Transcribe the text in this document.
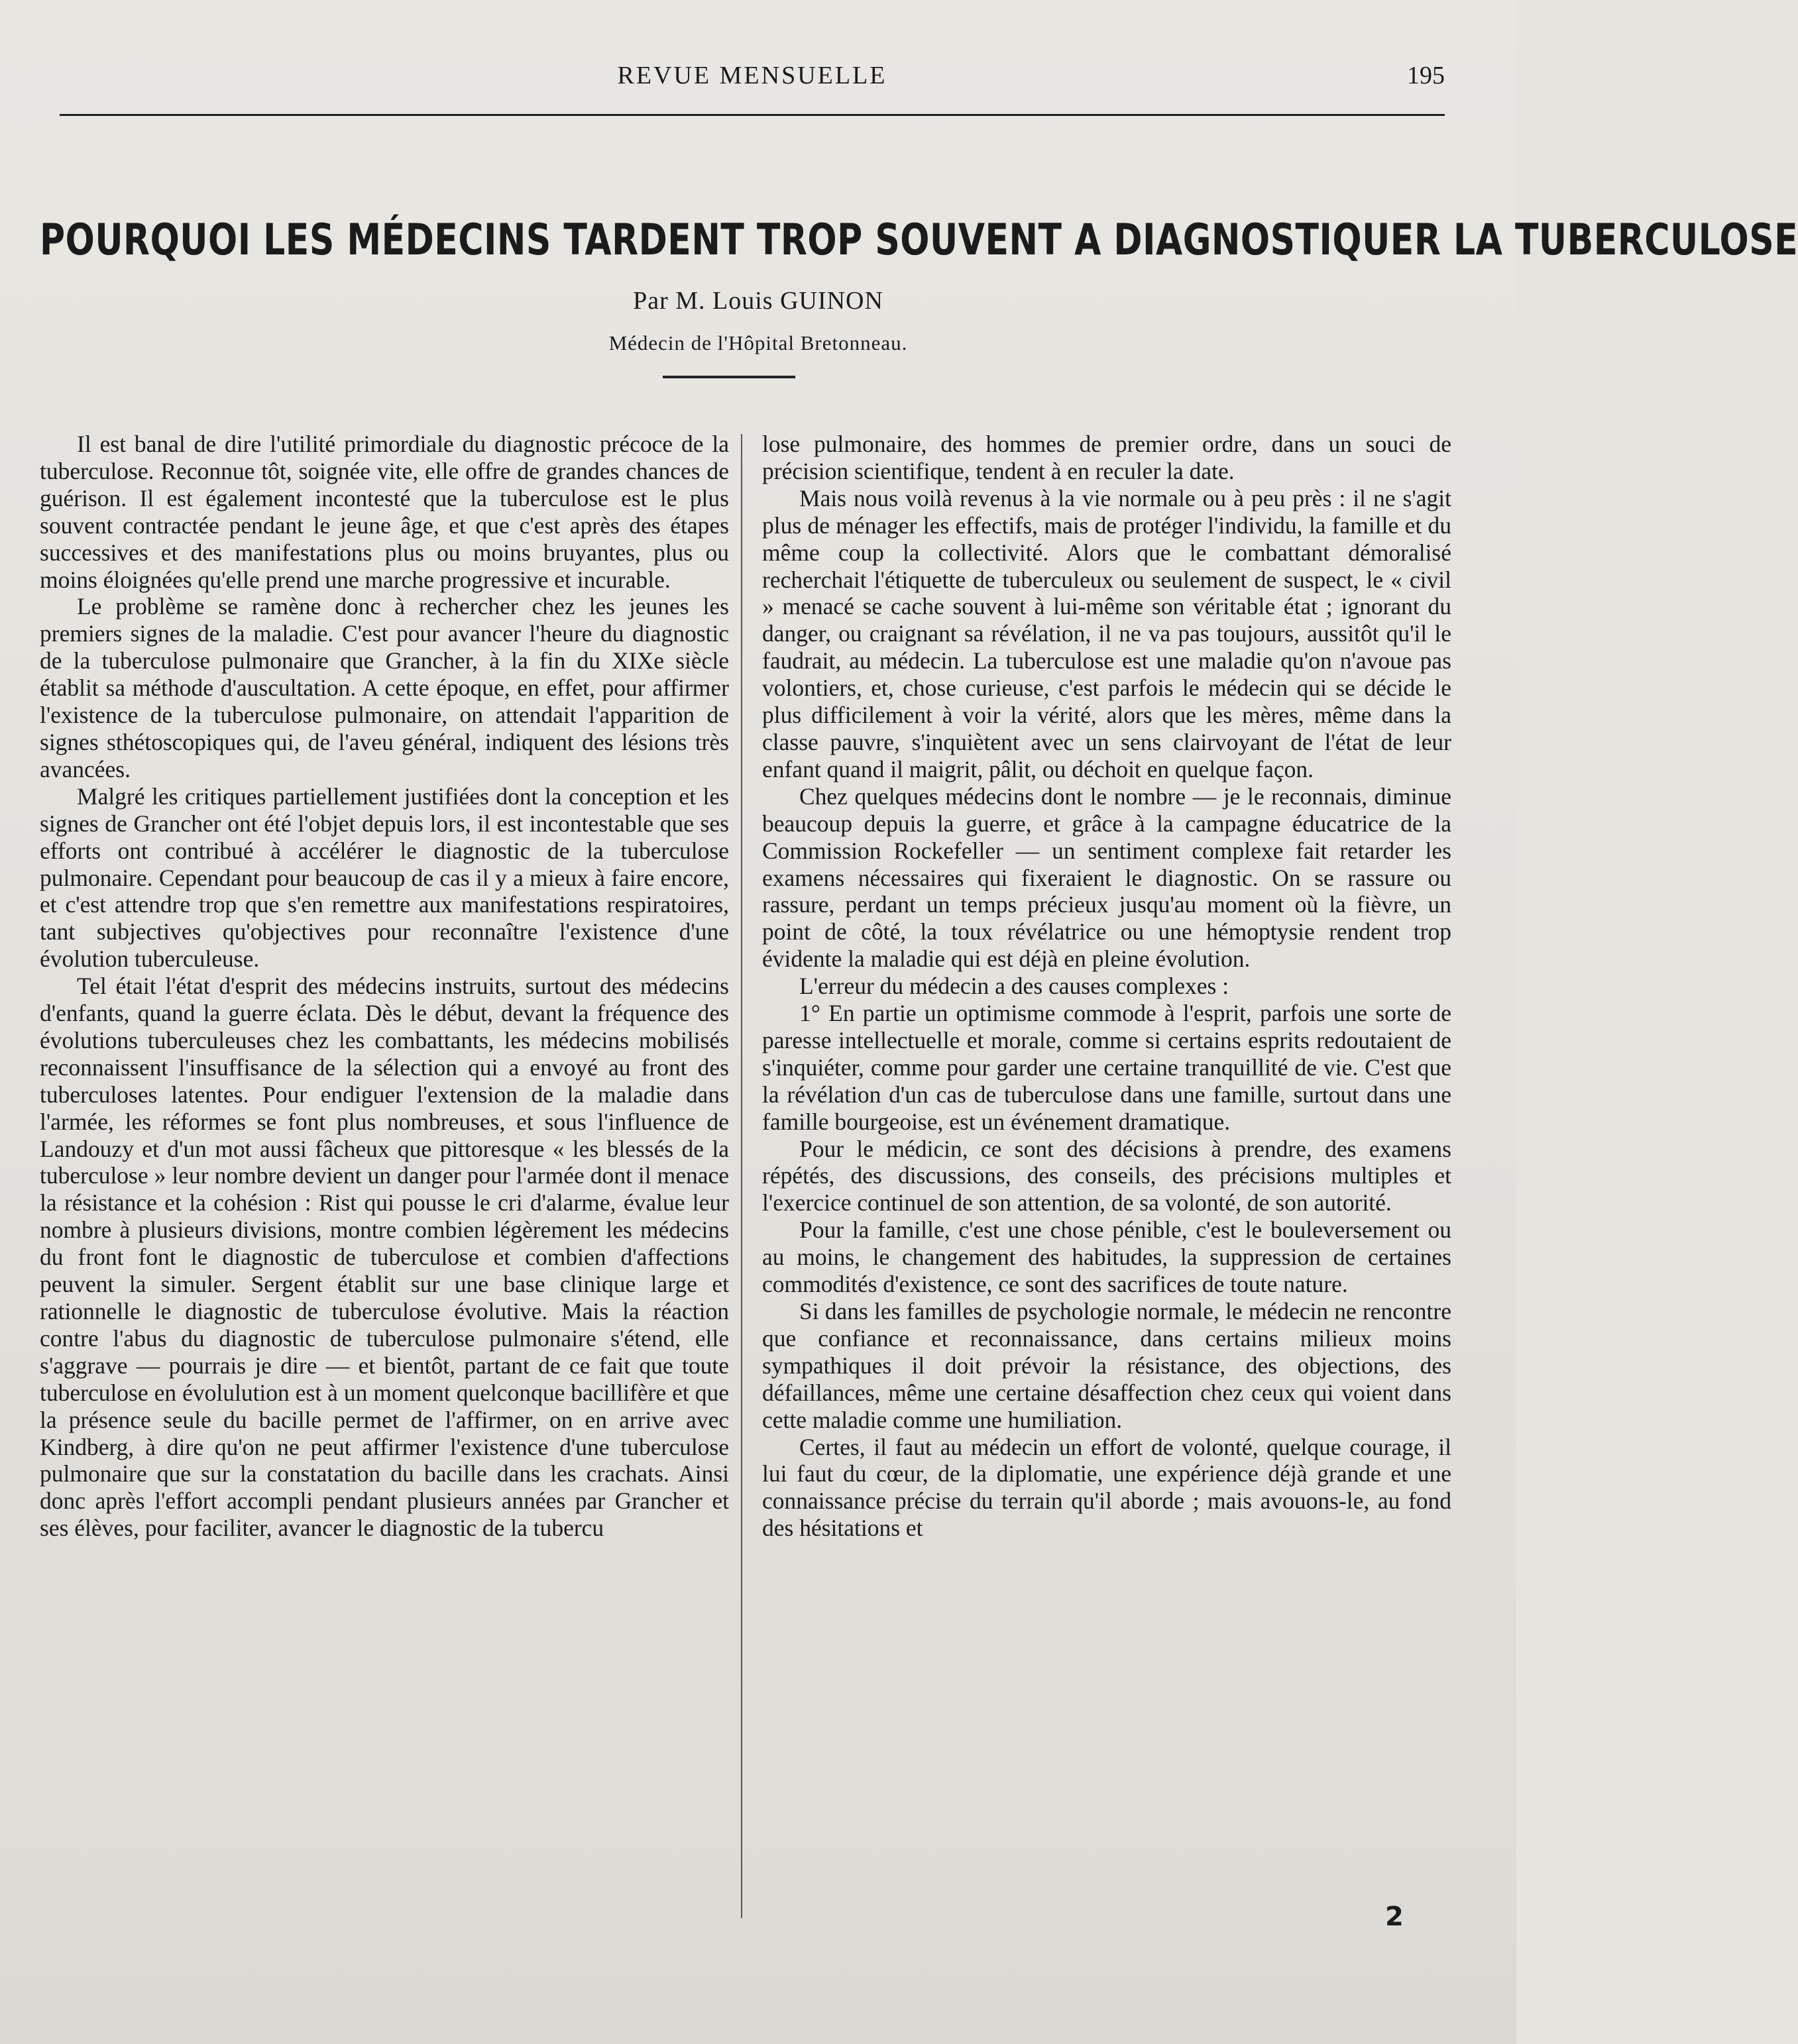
REVUE MENSUELLE	195
POURQUOI LES MÉDECINS TARDENT TROP SOUVENT A DIAGNOSTIQUER LA TUBERCULOSE
Par M. Louis GUINON
Médecin de l'Hôpital Bretonneau.

Il est banal de dire l'utilité primordiale du diagnostic précoce de la tuberculose. Reconnue tôt, soignée vite, elle offre de grandes chances de guérison. Il est également incontesté que la tuberculose est le plus souvent contractée pendant le jeune âge, et que c'est après des étapes successives et des manifestations plus ou moins bruyantes, plus ou moins éloignées qu'elle prend une marche progressive et incurable.

Le problème se ramène donc à rechercher chez les jeunes les premiers signes de la maladie. C'est pour avancer l'heure du diagnostic de la tuberculose pulmonaire que Grancher, à la fin du XIXe siècle établit sa méthode d'auscultation. A cette époque, en effet, pour affirmer l'existence de la tuberculose pulmonaire, on attendait l'apparition de signes sthétoscopiques qui, de l'aveu général, indiquent des lésions très avancées.

Malgré les critiques partiellement justifiées dont la conception et les signes de Grancher ont été l'objet depuis lors, il est incontestable que ses efforts ont contribué à accélérer le diagnostic de la tuberculose pulmonaire. Cependant pour beaucoup de cas il y a mieux à faire encore, et c'est attendre trop que s'en remettre aux manifestations respiratoires, tant subjectives qu'objectives pour reconnaître l'existence d'une évolution tuberculeuse.

Tel était l'état d'esprit des médecins instruits, surtout des médecins d'enfants, quand la guerre éclata. Dès le début, devant la fréquence des évolutions tuberculeuses chez les combattants, les médecins mobilisés reconnaissent l'insuffisance de la sélection qui a envoyé au front des tuberculoses latentes. Pour endiguer l'extension de la maladie dans l'armée, les réformes se font plus nombreuses, et sous l'influence de Landouzy et d'un mot aussi fâcheux que pittoresque « les blessés de la tuberculose » leur nombre devient un danger pour l'armée dont il menace la résistance et la cohésion : Rist qui pousse le cri d'alarme, évalue leur nombre à plusieurs divisions, montre combien légèrement les médecins du front font le diagnostic de tuberculose et combien d'affections peuvent la simuler. Sergent établit sur une base clinique large et rationnelle le diagnostic de tuberculose évolutive. Mais la réaction contre l'abus du diagnostic de tuberculose pulmonaire s'étend, elle s'aggrave — pourrais je dire — et bientôt, partant de ce fait que toute tuberculose en évolulution est à un moment quelconque bacillifère et que la présence seule du bacille permet de l'affirmer, on en arrive avec Kindberg, à dire qu'on ne peut affirmer l'existence d'une tuberculose pulmonaire que sur la constatation du bacille dans les crachats. Ainsi donc après l'effort accompli pendant plusieurs années par Grancher et ses élèves, pour faciliter, avancer le diagnostic de la tubercu

lose pulmonaire, des hommes de premier ordre, dans un souci de précision scientifique, tendent à en reculer la date.

Mais nous voilà revenus à la vie normale ou à peu près : il ne s'agit plus de ménager les effectifs, mais de protéger l'individu, la famille et du même coup la collectivité. Alors que le combattant démoralisé recherchait l'étiquette de tuberculeux ou seulement de suspect, le « civil » menacé se cache souvent à lui-même son véritable état ; ignorant du danger, ou craignant sa révélation, il ne va pas toujours, aussitôt qu'il le faudrait, au médecin. La tuberculose est une maladie qu'on n'avoue pas volontiers, et, chose curieuse, c'est parfois le médecin qui se décide le plus difficilement à voir la vérité, alors que les mères, même dans la classe pauvre, s'inquiètent avec un sens clairvoyant de l'état de leur enfant quand il maigrit, pâlit, ou déchoit en quelque façon.

Chez quelques médecins dont le nombre — je le reconnais, diminue beaucoup depuis la guerre, et grâce à la campagne éducatrice de la Commission Rockefeller — un sentiment complexe fait retarder les examens nécessaires qui fixeraient le diagnostic. On se rassure ou rassure, perdant un temps précieux jusqu'au moment où la fièvre, un point de côté, la toux révélatrice ou une hémoptysie rendent trop évidente la maladie qui est déjà en pleine évolution.

L'erreur du médecin a des causes complexes :

1° En partie un optimisme commode à l'esprit, parfois une sorte de paresse intellectuelle et morale, comme si certains esprits redoutaient de s'inquiéter, comme pour garder une certaine tranquillité de vie. C'est que la révélation d'un cas de tuberculose dans une famille, surtout dans une famille bourgeoise, est un événement dramatique.

Pour le médicin, ce sont des décisions à prendre, des examens répétés, des discussions, des conseils, des précisions multiples et l'exercice continuel de son attention, de sa volonté, de son autorité.

Pour la famille, c'est une chose pénible, c'est le bouleversement ou au moins, le changement des habitudes, la suppression de certaines commodités d'existence, ce sont des sacrifices de toute nature.

Si dans les familles de psychologie normale, le médecin ne rencontre que confiance et reconnaissance, dans certains milieux moins sympathiques il doit prévoir la résistance, des objections, des défaillances, même une certaine désaffection chez ceux qui voient dans cette maladie comme une humiliation.

Certes, il faut au médecin un effort de volonté, quelque courage, il lui faut du cœur, de la diplomatie, une expérience déjà grande et une connaissance précise du terrain qu'il aborde ; mais avouons-le, au fond des hésitations et

2
